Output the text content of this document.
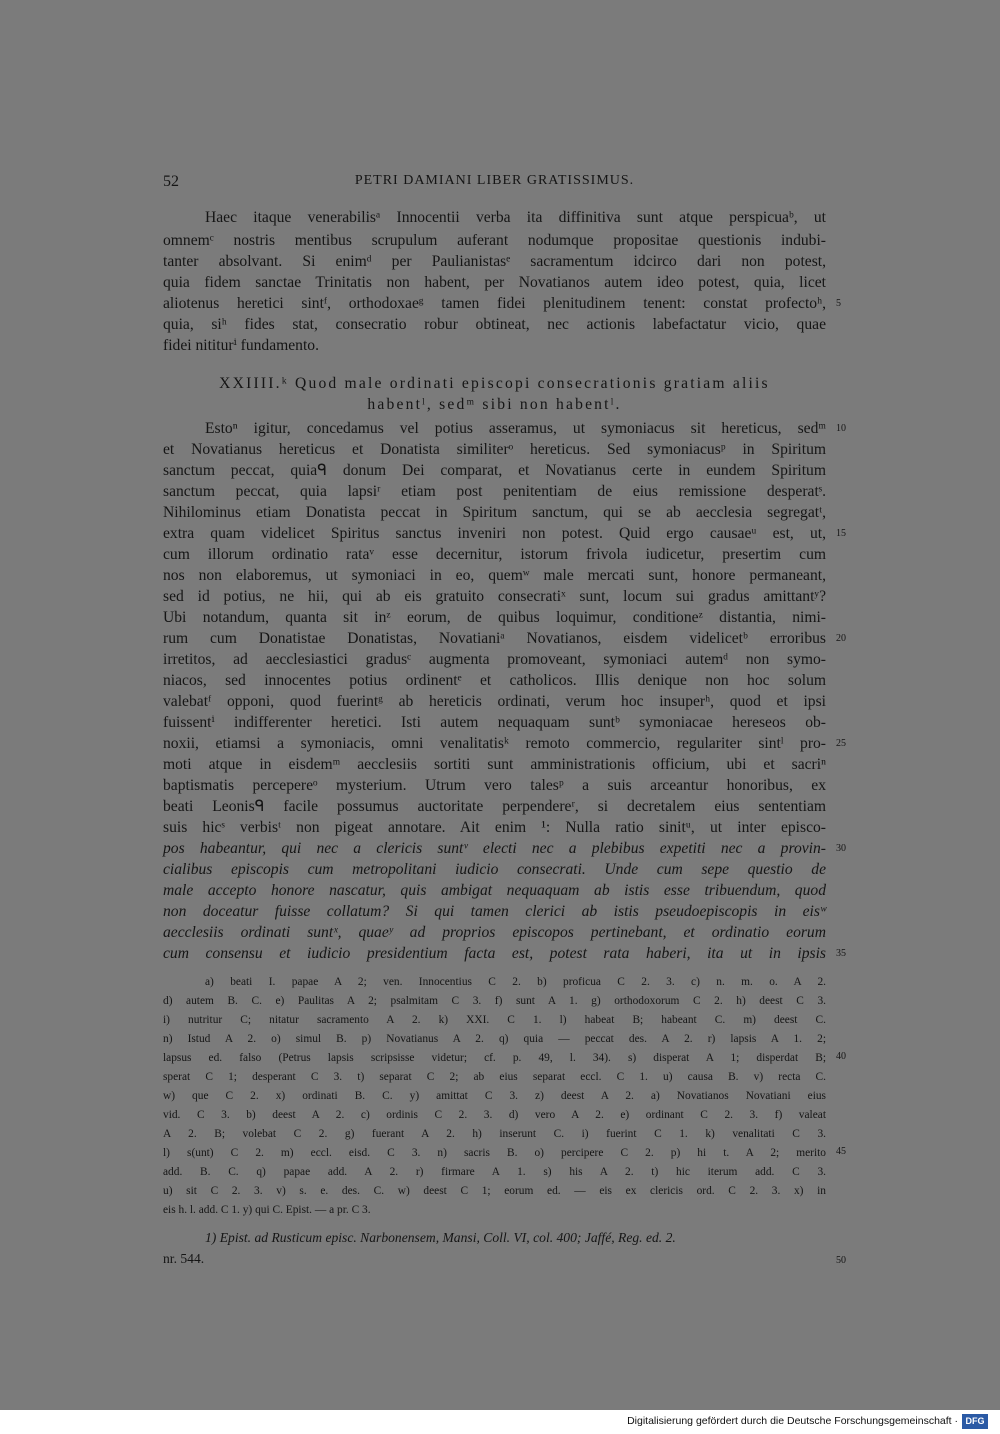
52	PETRI DAMIANI LIBER GRATISSIMUS.
Haec itaque venerabilisᵃ Innocentii verba ita diffinitiva sunt atque perspicuaᵇ, ut
omnemᶜ nostris mentibus scrupulum auferant nodumque propositae questionis indubi-
tanter absolvant. Si enimᵈ per Paulianistasᵉ sacramentum idcirco dari non potest,
quia fidem sanctae Trinitatis non habent, per Novatianos autem ideo potest, quia, licet
aliotenus heretici sintᶠ, orthodoxaeᵍ tamen fidei plenitudinem tenent: constat profectoʰ,
quia, siʰ fides stat, consecratio robur obtineat, nec actionis labefactatur vicio, quae
fidei nititurⁱ fundamento.
XXIIII.ᵏ Quod male ordinati episcopi consecrationis gratiam aliis
habentˡ, sedᵐ sibi non habentˡ.
Estoⁿ igitur, concedamus vel potius asseramus, ut symoniacus sit hereticus, sedᵐ
et Novatianus hereticus et Donatista similiterᵒ hereticus. Sed symoniacusᵖ in Spiritum
sanctum peccat, quiaᑫ donum Dei comparat, et Novatianus certe in eundem Spiritum
sanctum peccat, quia lapsiʳ etiam post penitentiam de eius remissione desperatˢ.
Nihilominus etiam Donatista peccat in Spiritum sanctum, qui se ab aecclesia segregatᵗ,
extra quam videlicet Spiritus sanctus inveniri non potest. Quid ergo causaeᵘ est, ut,
cum illorum ordinatio rataᵛ esse decernitur, istorum frivola iudicetur, presertim cum
nos non elaboremus, ut symoniaci in eo, quemʷ male mercati sunt, honore permaneant,
sed id potius, ne hii, qui ab eis gratuito consecratiˣ sunt, locum sui gradus amittantʸ?
Ubi notandum, quanta sit inᶻ eorum, de quibus loquimur, conditioneᶻ distantia, nimi-
rum cum Donatistae Donatistas, Novatianiᵃ Novatianos, eisdem videlicetᵇ erroribus
irretitos, ad aecclesiastici gradusᶜ augmenta promoveant, symoniaci autemᵈ non symo-
niacos, sed innocentes potius ordinentᵉ et catholicos. Illis denique non hoc solum
valebatᶠ opponi, quod fuerintᵍ ab hereticis ordinati, verum hoc insuperʰ, quod et ipsi
fuissentⁱ indifferenter heretici. Isti autem nequaquam suntᵇ symoniacae hereseos ob-
noxii, etiamsi a symoniacis, omni venalitatisᵏ remoto commercio, regulariter sintˡ pro-
moti atque in eisdemᵐ aecclesiis sortiti sunt amministrationis officium, ubi et sacriⁿ
baptismatis percepereᵒ mysterium. Utrum vero talesᵖ a suis arceantur honoribus, ex
beati Leonisᑫ facile possumus auctoritate perpendereʳ, si decretalem eius sententiam
suis hicˢ verbisᵗ non pigeat annotare. Ait enim ¹: Nulla ratio sinitᵘ, ut inter episco-
pos habeantur, qui nec a clericis suntᵛ electi nec a plebibus expetiti nec a provin-
cialibus episcopis cum metropolitani iudicio consecrati. Unde cum sepe questio de
male accepto honore nascatur, quis ambigat nequaquam ab istis esse tribuendum, quod
non doceatur fuisse collatum? Si qui tamen clerici ab istis pseudoepiscopis in eisʷ
aecclesiis ordinati suntˣ, quaeʸ ad proprios episcopos pertinebant, et ordinatio eorum
cum consensu et iudicio presidentium facta est, potest rata haberi, ita ut in ipsis
5
10
15
20
25
30
35
40
45
50
a) beati I. papae A 2; ven. Innocentius C 2. b) proficua C 2. 3. c) n. m. o. A 2.
d) autem B. C. e) Paulitas A 2; psalmitam C 3. f) sunt A 1. g) orthodoxorum C 2. h) deest C 3.
i) nutritur C; nitatur sacramento A 2. k) XXI. C 1. l) habeat B; habeant C. m) deest C.
n) Istud A 2. o) simul B. p) Novatianus A 2. q) quia — peccat des. A 2. r) lapsis A 1. 2;
lapsus ed. falso (Petrus lapsis scripsisse videtur; cf. p. 49, l. 34). s) disperat A 1; disperdat B;
sperat C 1; desperant C 3. t) separat C 2; ab eius separat eccl. C 1. u) causa B. v) recta C.
w) que C 2. x) ordinati B. C. y) amittat C 3. z) deest A 2. a) Novatianos Novatiani eius
vid. C 3. b) deest A 2. c) ordinis C 2. 3. d) vero A 2. e) ordinant C 2. 3. f) valeat
A 2. B; volebat C 2. g) fuerant A 2. h) inserunt C. i) fuerint C 1. k) venalitati C 3.
l) s(unt) C 2. m) eccl. eisd. C 3. n) sacris B. o) percipere C 2. p) hi t. A 2; merito
add. B. C. q) papae add. A 2. r) firmare A 1. s) his A 2. t) hic iterum add. C 3.
u) sit C 2. 3. v) s. e. des. C. w) deest C 1; eorum ed. — eis ex clericis ord. C 2. 3. x) in
eis h. l. add. C 1. y) qui C. Epist. — a pr. C 3.
1) Epist. ad Rusticum episc. Narbonensem, Mansi, Coll. VI, col. 400; Jaffé, Reg. ed. 2.
nr. 544.
Digitalisierung gefördert durch die Deutsche Forschungsgemeinschaft · DFG
